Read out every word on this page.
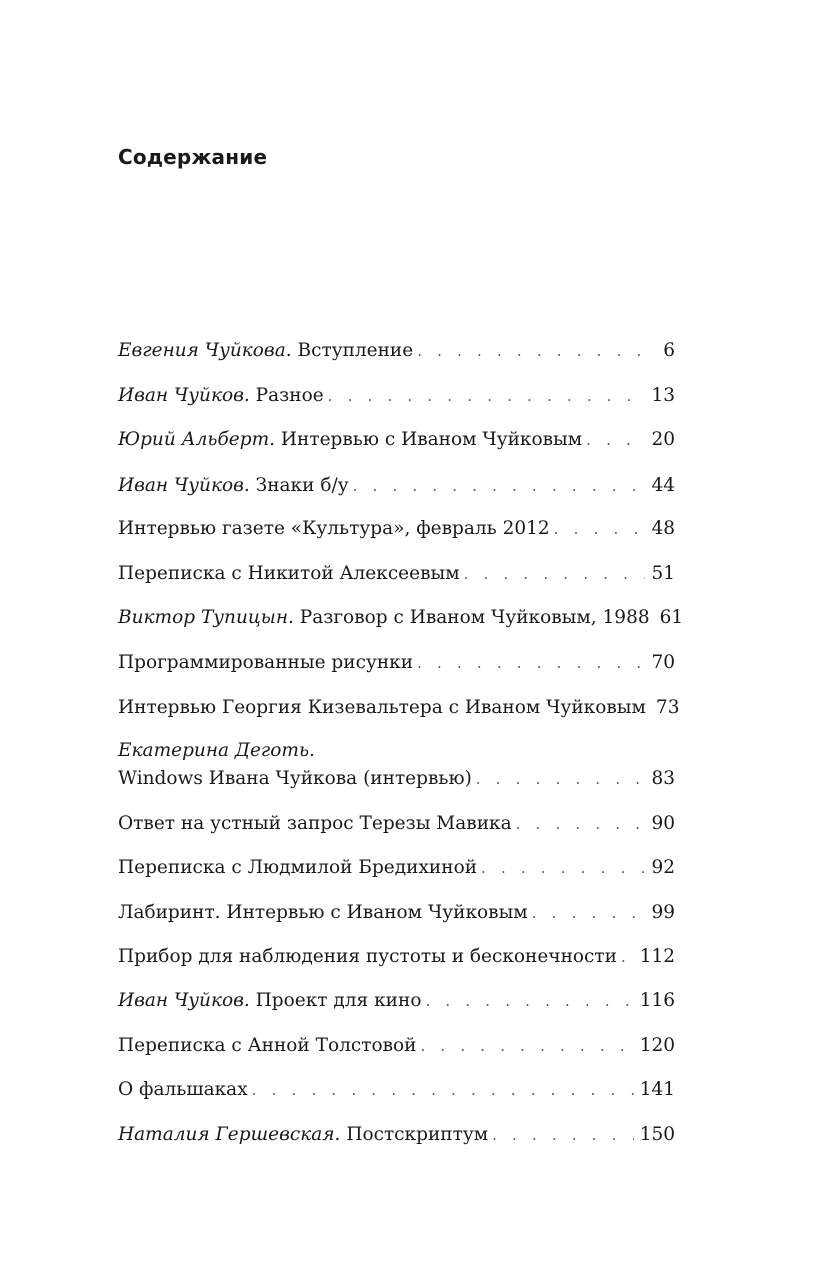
Содержание
Евгения Чуйкова. Вступление . . .	6
Иван Чуйков. Разное . . .	13
Юрий Альберт. Интервью с Иваном Чуйковым . . .	20
Иван Чуйков. Знаки б/у . . .	44
Интервью газете «Культура», февраль 2012 . . .	48
Переписка с Никитой Алексеевым . . .	51
Виктор Тупицын. Разговор с Иваном Чуйковым, 1988 61
Программированные рисунки . . .	70
Интервью Георгия Кизевальтера с Иваном Чуйковым 73
Екатерина Деготь.
Windows Ивана Чуйкова (интервью) . . .	83
Ответ на устный запрос Терезы Мавика . . .	90
Переписка с Людмилой Бредихиной . . .	92
Лабиринт. Интервью с Иваном Чуйковым . . .	99
Прибор для наблюдения пустоты и бесконечности . . . 112
Иван Чуйков. Проект для кино . . .	116
Переписка с Анной Толстовой . . .	120
О фальшаках . . .	141
Наталия Гершевская. Постскриптум . . .	150
